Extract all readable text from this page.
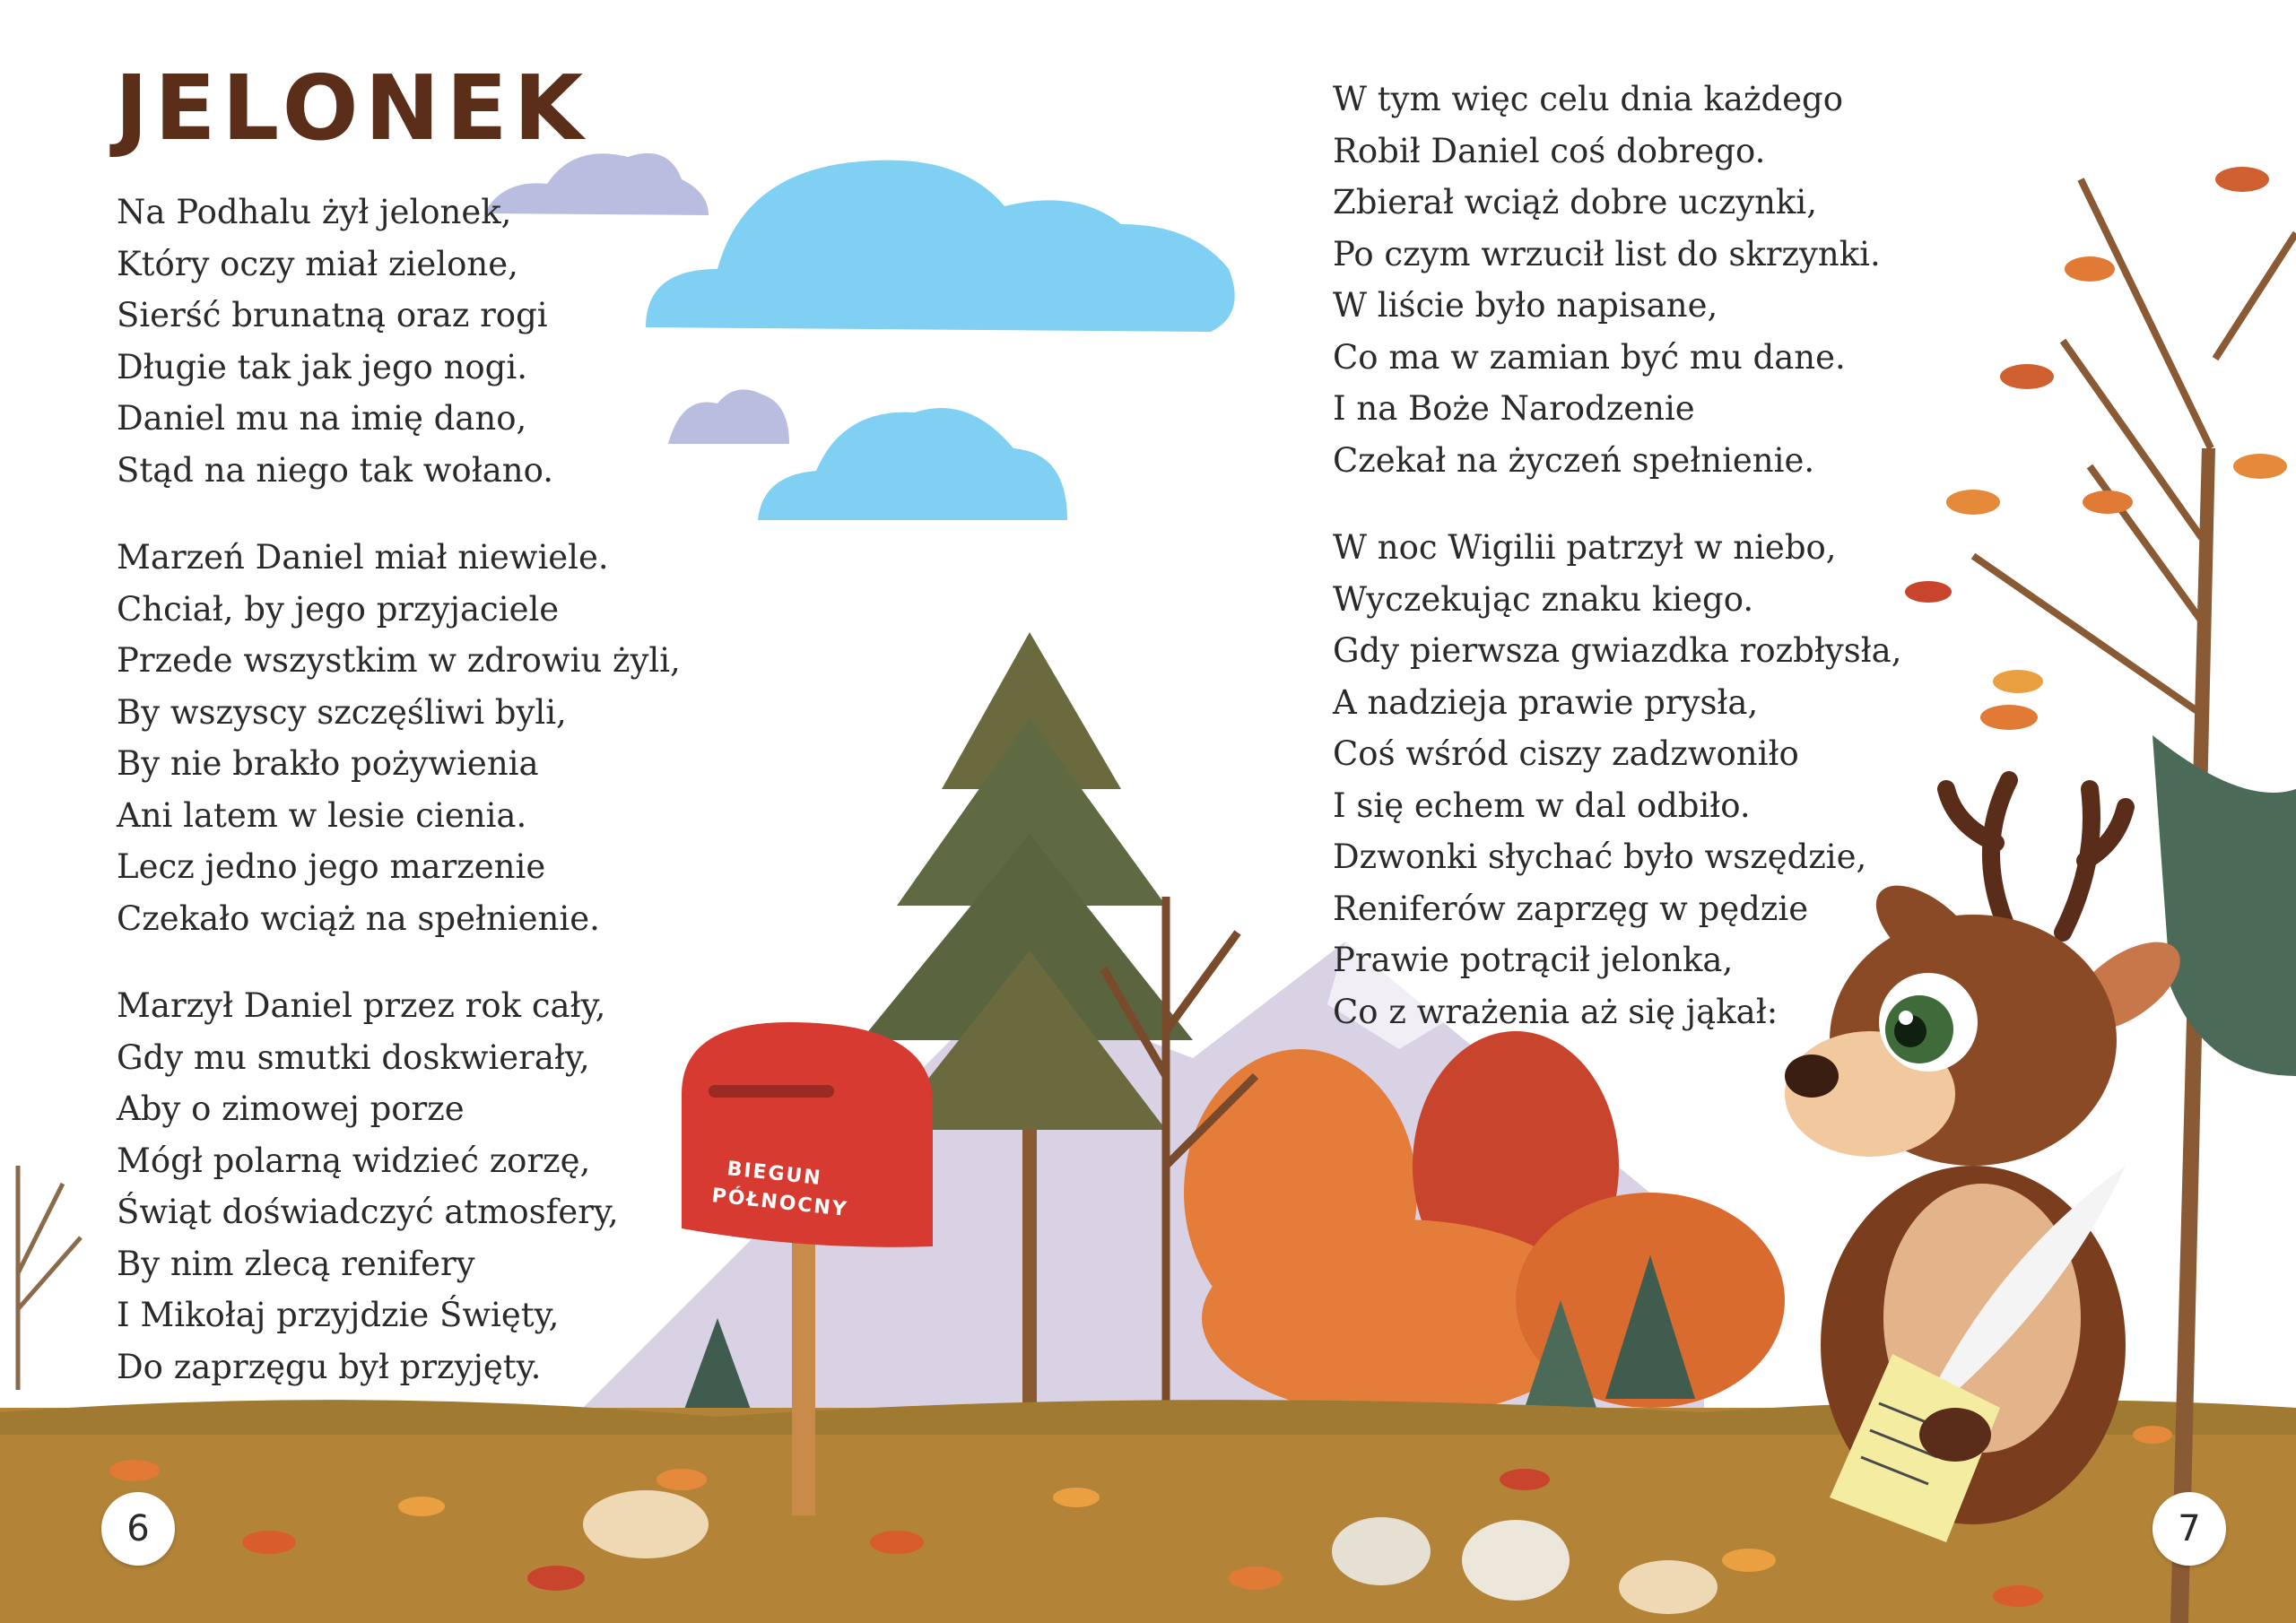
BIEGUN
PÓŁNOCNY
JELONEK
Na Podhalu żył jelonek,
Który oczy miał zielone,
Sierść brunatną oraz rogi
Długie tak jak jego nogi.
Daniel mu na imię dano,
Stąd na niego tak wołano.
Marzeń Daniel miał niewiele.
Chciał, by jego przyjaciele
Przede wszystkim w zdrowiu żyli,
By wszyscy szczęśliwi byli,
By nie brakło pożywienia
Ani latem w lesie cienia.
Lecz jedno jego marzenie
Czekało wciąż na spełnienie.
Marzył Daniel przez rok cały,
Gdy mu smutki doskwierały,
Aby o zimowej porze
Mógł polarną widzieć zorzę,
Świąt doświadczyć atmosfery,
By nim zlecą renifery
I Mikołaj przyjdzie Święty,
Do zaprzęgu był przyjęty.
W tym więc celu dnia każdego
Robił Daniel coś dobrego.
Zbierał wciąż dobre uczynki,
Po czym wrzucił list do skrzynki.
W liście było napisane,
Co ma w zamian być mu dane.
I na Boże Narodzenie
Czekał na życzeń spełnienie.
W noc Wigilii patrzył w niebo,
Wyczekując znaku kiego.
Gdy pierwsza gwiazdka rozbłysła,
A nadzieja prawie prysła,
Coś wśród ciszy zadzwoniło
I się echem w dal odbiło.
Dzwonki słychać było wszędzie,
Reniferów zaprzęg w pędzie
Prawie potrącił jelonka,
Co z wrażenia aż się jąkał:
6	7
